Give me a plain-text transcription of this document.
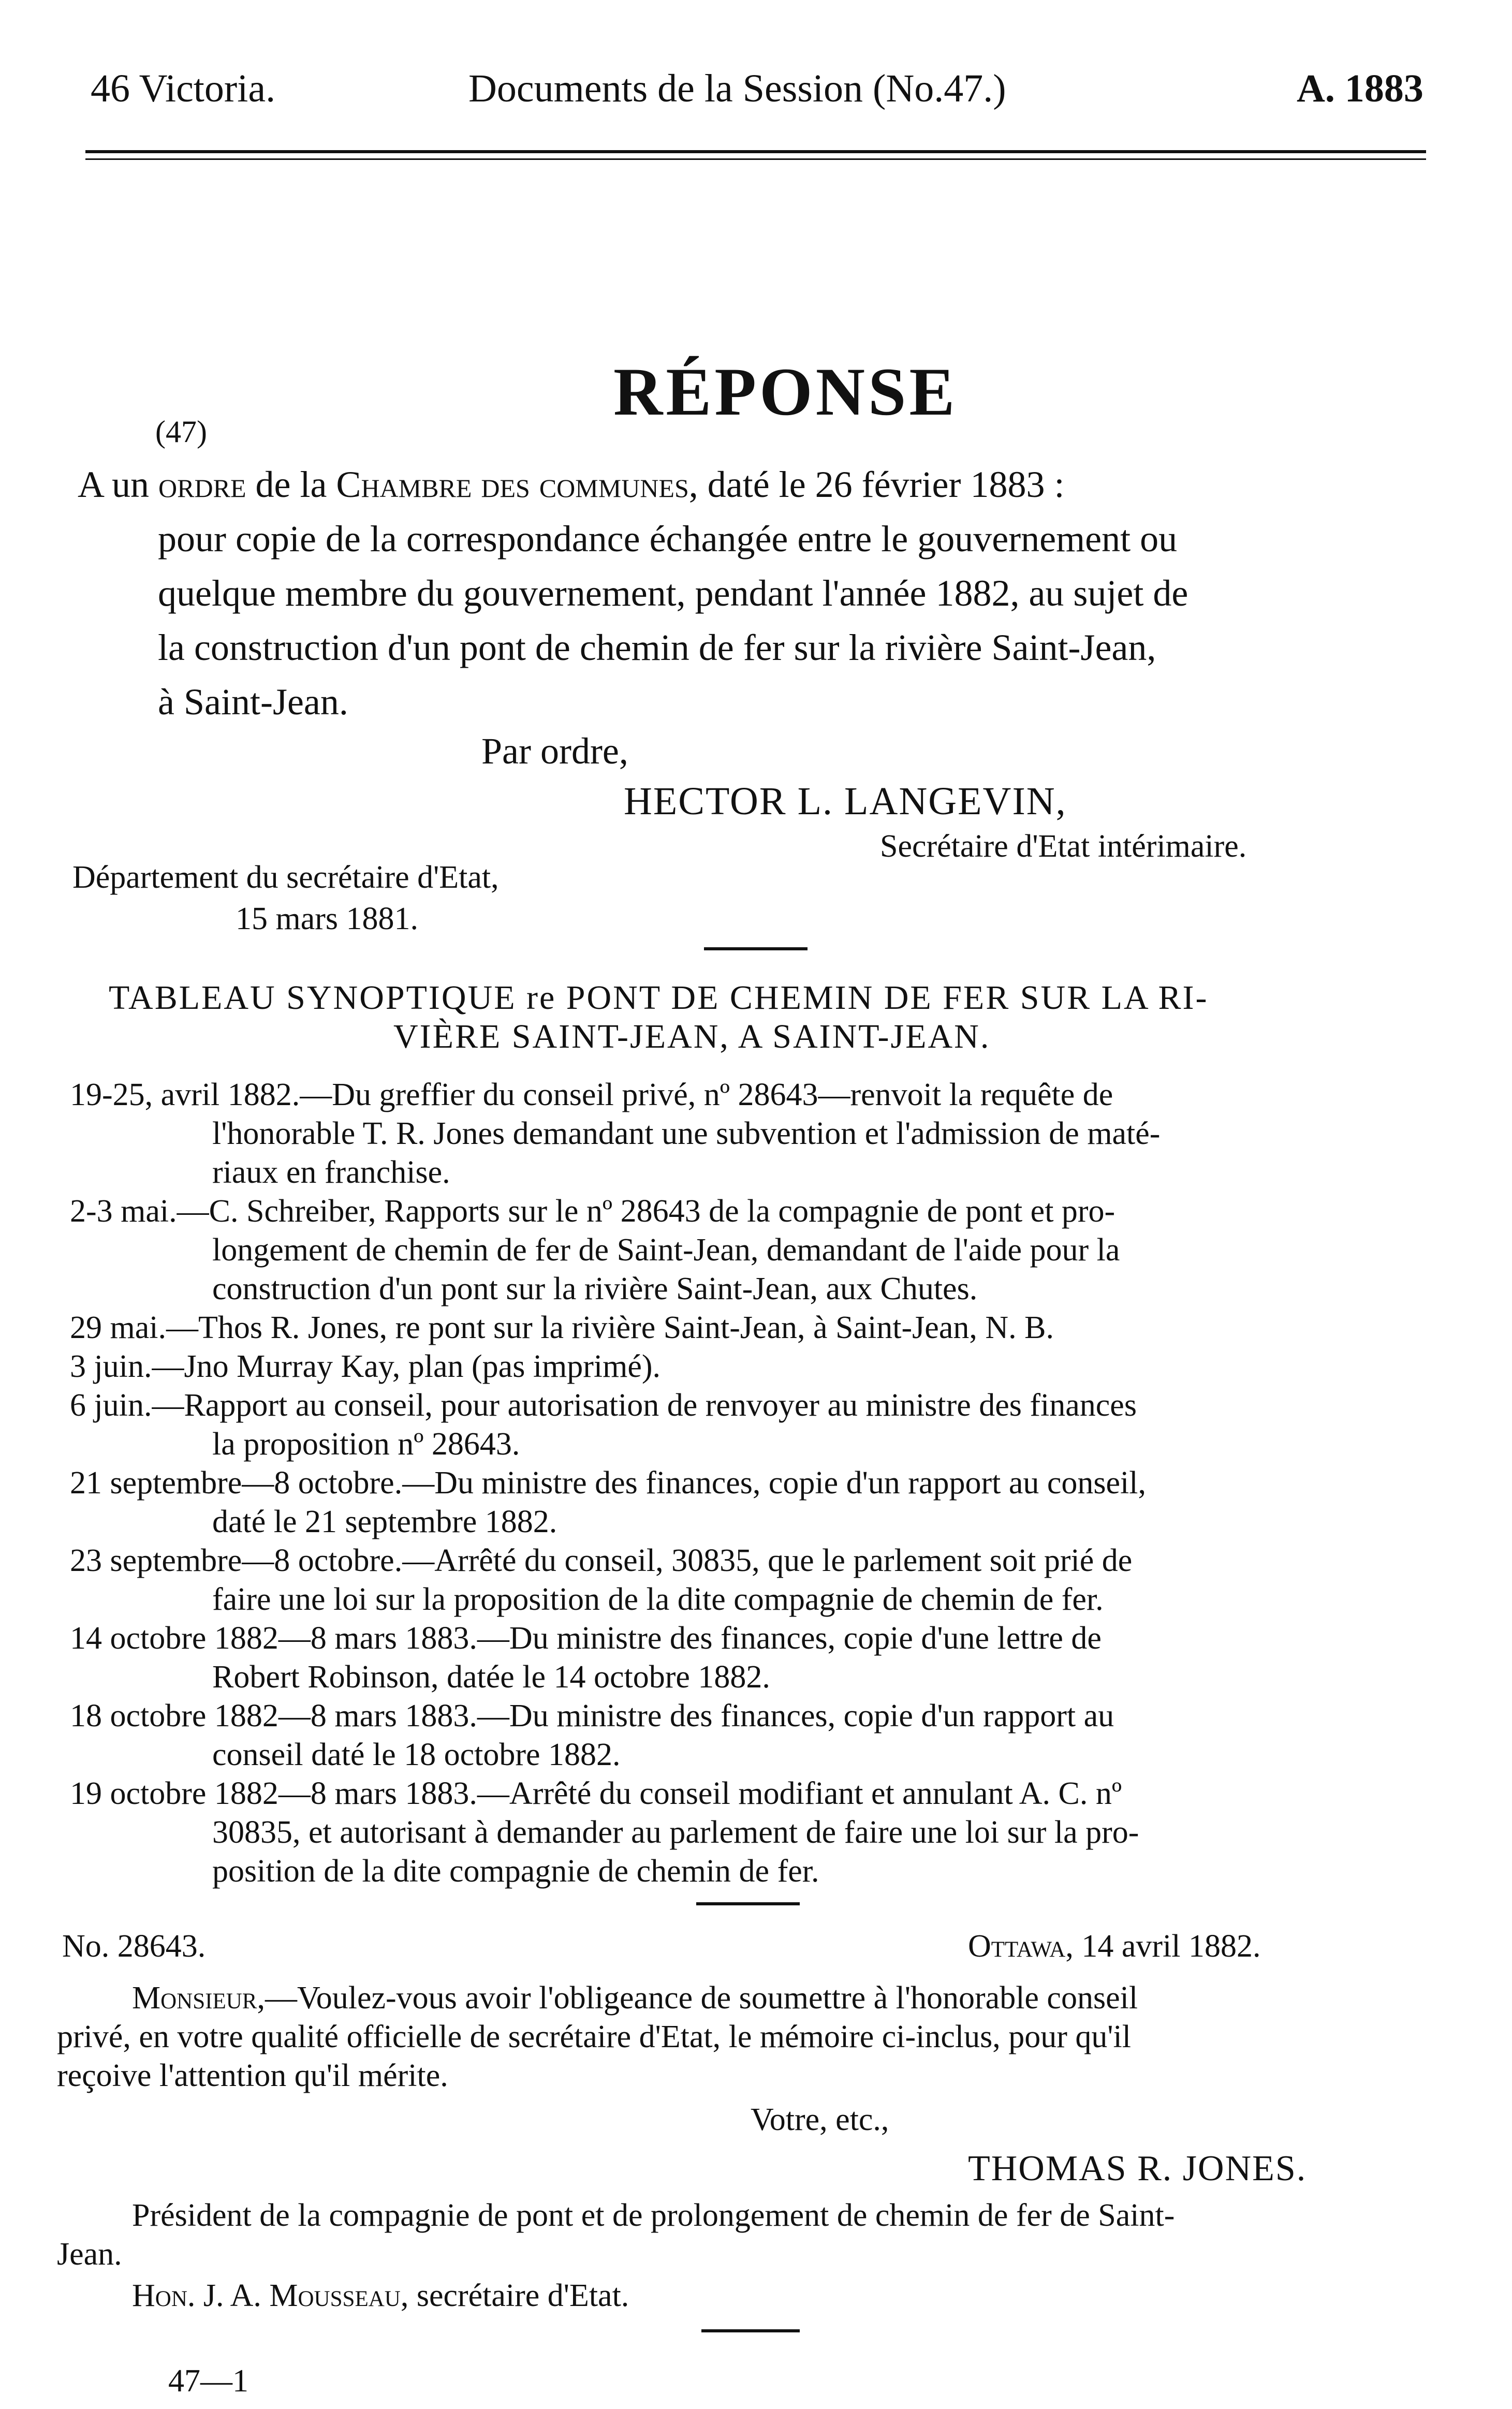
46 Victoria.	Documents de la Session (No.47.)	A. 1883
(47)
RÉPONSE
A un ordre de la Chambre des communes, daté le 26 février 1883 :
pour copie de la correspondance échangée entre le gouvernement ou
quelque membre du gouvernement, pendant l'année 1882, au sujet de
la construction d'un pont de chemin de fer sur la rivière Saint-Jean,
à Saint-Jean.
Par ordre,
HECTOR L. LANGEVIN,
Secrétaire d'Etat intérimaire.
Département du secrétaire d'Etat,
15 mars 1881.
TABLEAU SYNOPTIQUE re PONT DE CHEMIN DE FER SUR LA RI-
VIÈRE SAINT-JEAN, A SAINT-JEAN.
19-25, avril 1882.—Du greffier du conseil privé, nº 28643—renvoit la requête de
l'honorable T. R. Jones demandant une subvention et l'admission de maté-
riaux en franchise.
2-3 mai.—C. Schreiber, Rapports sur le nº 28643 de la compagnie de pont et pro-
longement de chemin de fer de Saint-Jean, demandant de l'aide pour la
construction d'un pont sur la rivière Saint-Jean, aux Chutes.
29 mai.—Thos R. Jones, re pont sur la rivière Saint-Jean, à Saint-Jean, N. B.
3 juin.—Jno Murray Kay, plan (pas imprimé).
6 juin.—Rapport au conseil, pour autorisation de renvoyer au ministre des finances
la proposition nº 28643.
21 septembre—8 octobre.—Du ministre des finances, copie d'un rapport au conseil,
daté le 21 septembre 1882.
23 septembre—8 octobre.—Arrêté du conseil, 30835, que le parlement soit prié de
faire une loi sur la proposition de la dite compagnie de chemin de fer.
14 octobre 1882—8 mars 1883.—Du ministre des finances, copie d'une lettre de
Robert Robinson, datée le 14 octobre 1882.
18 octobre 1882—8 mars 1883.—Du ministre des finances, copie d'un rapport au
conseil daté le 18 octobre 1882.
19 octobre 1882—8 mars 1883.—Arrêté du conseil modifiant et annulant A. C. nº
30835, et autorisant à demander au parlement de faire une loi sur la pro-
position de la dite compagnie de chemin de fer.
No. 28643.	Ottawa, 14 avril 1882.
Monsieur,—Voulez-vous avoir l'obligeance de soumettre à l'honorable conseil
privé, en votre qualité officielle de secrétaire d'Etat, le mémoire ci-inclus, pour qu'il
reçoive l'attention qu'il mérite.
Votre, etc.,
THOMAS R. JONES.
Président de la compagnie de pont et de prolongement de chemin de fer de Saint-
Jean.
Hon. J. A. Mousseau, secrétaire d'Etat.
47—1
